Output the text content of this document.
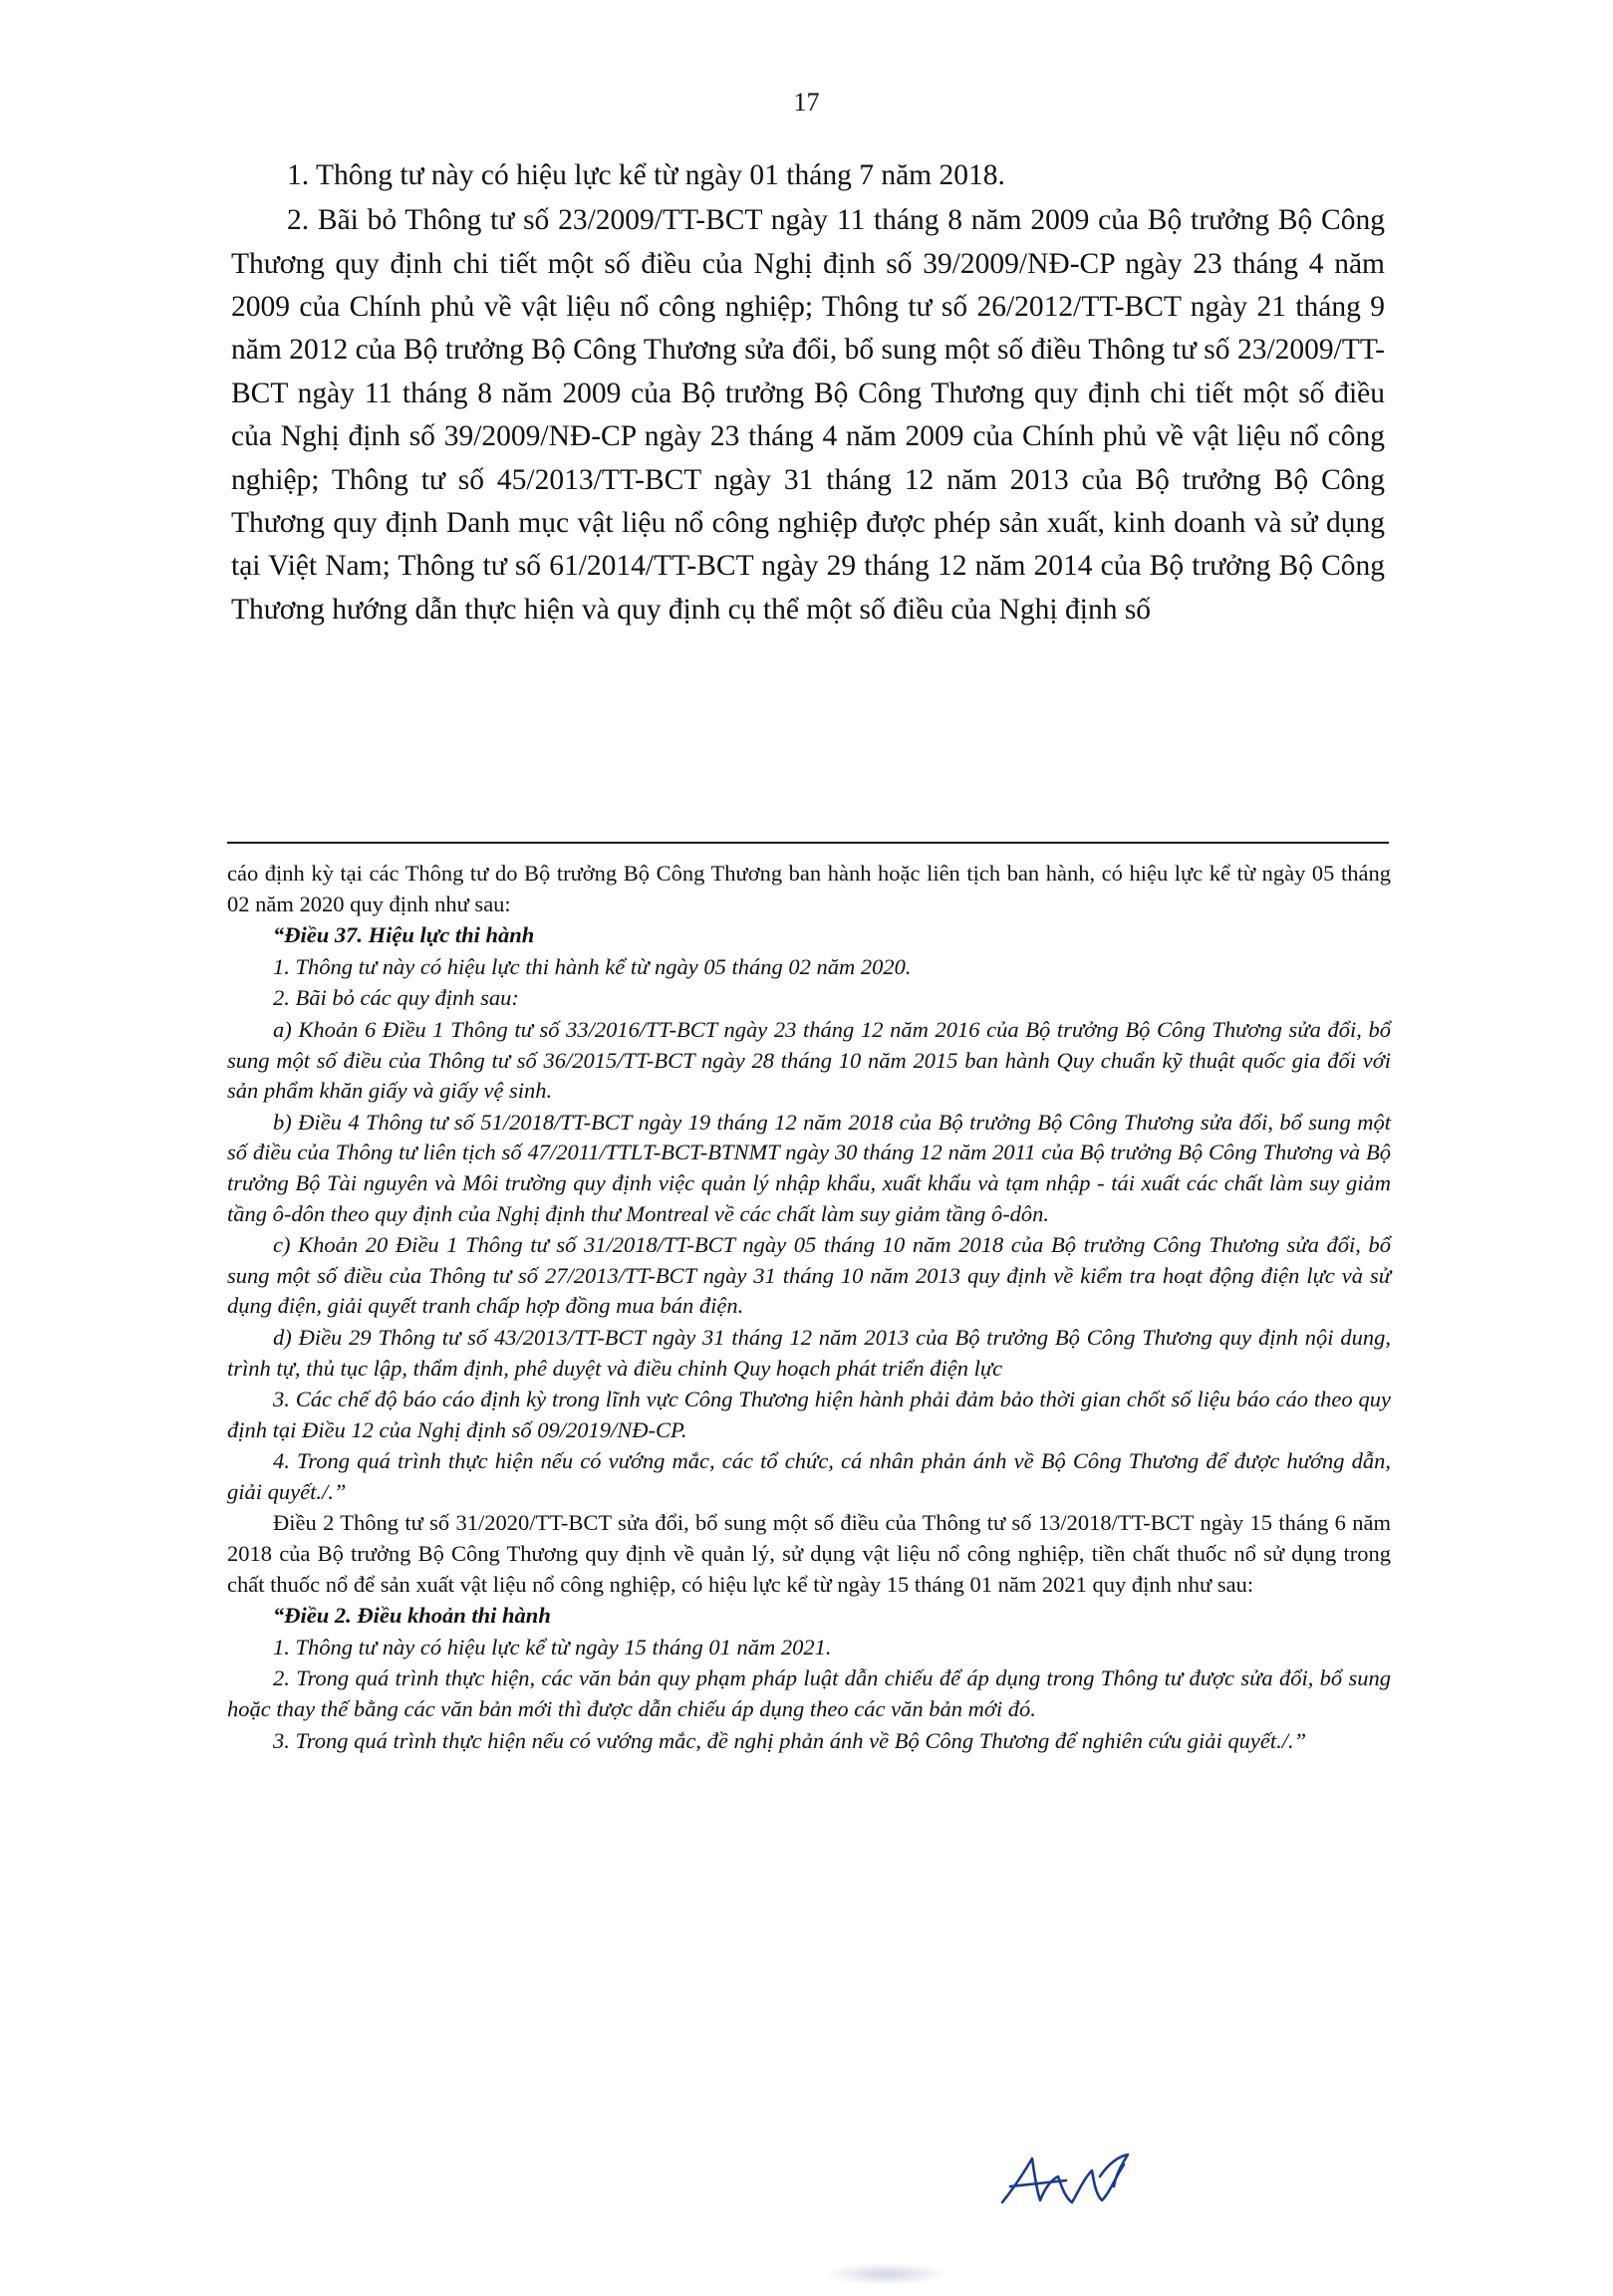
17

1. Thông tư này có hiệu lực kể từ ngày 01 tháng 7 năm 2018.

2. Bãi bỏ Thông tư số 23/2009/TT-BCT ngày 11 tháng 8 năm 2009 của Bộ trưởng Bộ Công Thương quy định chi tiết một số điều của Nghị định số 39/2009/NĐ-CP ngày 23 tháng 4 năm 2009 của Chính phủ về vật liệu nổ công nghiệp; Thông tư số 26/2012/TT-BCT ngày 21 tháng 9 năm 2012 của Bộ trưởng Bộ Công Thương sửa đổi, bổ sung một số điều Thông tư số 23/2009/TT-BCT ngày 11 tháng 8 năm 2009 của Bộ trưởng Bộ Công Thương quy định chi tiết một số điều của Nghị định số 39/2009/NĐ-CP ngày 23 tháng 4 năm 2009 của Chính phủ về vật liệu nổ công nghiệp; Thông tư số 45/2013/TT-BCT ngày 31 tháng 12 năm 2013 của Bộ trưởng Bộ Công Thương quy định Danh mục vật liệu nổ công nghiệp được phép sản xuất, kinh doanh và sử dụng tại Việt Nam; Thông tư số 61/2014/TT-BCT ngày 29 tháng 12 năm 2014 của Bộ trưởng Bộ Công Thương hướng dẫn thực hiện và quy định cụ thể một số điều của Nghị định số

cáo định kỳ tại các Thông tư do Bộ trưởng Bộ Công Thương ban hành hoặc liên tịch ban hành, có hiệu lực kể từ ngày 05 tháng 02 năm 2020 quy định như sau:

“Điều 37. Hiệu lực thi hành

1. Thông tư này có hiệu lực thi hành kể từ ngày 05 tháng 02 năm 2020.

2. Bãi bỏ các quy định sau:

a) Khoản 6 Điều 1 Thông tư số 33/2016/TT-BCT ngày 23 tháng 12 năm 2016 của Bộ trưởng Bộ Công Thương sửa đổi, bổ sung một số điều của Thông tư số 36/2015/TT-BCT ngày 28 tháng 10 năm 2015 ban hành Quy chuẩn kỹ thuật quốc gia đối với sản phẩm khăn giấy và giấy vệ sinh.

b) Điều 4 Thông tư số 51/2018/TT-BCT ngày 19 tháng 12 năm 2018 của Bộ trưởng Bộ Công Thương sửa đổi, bổ sung một số điều của Thông tư liên tịch số 47/2011/TTLT-BCT-BTNMT ngày 30 tháng 12 năm 2011 của Bộ trưởng Bộ Công Thương và Bộ trưởng Bộ Tài nguyên và Môi trường quy định việc quản lý nhập khẩu, xuất khẩu và tạm nhập - tái xuất các chất làm suy giảm tầng ô-dôn theo quy định của Nghị định thư Montreal về các chất làm suy giảm tầng ô-dôn.

c) Khoản 20 Điều 1 Thông tư số 31/2018/TT-BCT ngày 05 tháng 10 năm 2018 của Bộ trưởng Công Thương sửa đổi, bổ sung một số điều của Thông tư số 27/2013/TT-BCT ngày 31 tháng 10 năm 2013 quy định về kiểm tra hoạt động điện lực và sử dụng điện, giải quyết tranh chấp hợp đồng mua bán điện.

d) Điều 29 Thông tư số 43/2013/TT-BCT ngày 31 tháng 12 năm 2013 của Bộ trưởng Bộ Công Thương quy định nội dung, trình tự, thủ tục lập, thẩm định, phê duyệt và điều chỉnh Quy hoạch phát triển điện lực

3. Các chế độ báo cáo định kỳ trong lĩnh vực Công Thương hiện hành phải đảm bảo thời gian chốt số liệu báo cáo theo quy định tại Điều 12 của Nghị định số 09/2019/NĐ-CP.

4. Trong quá trình thực hiện nếu có vướng mắc, các tổ chức, cá nhân phản ánh về Bộ Công Thương để được hướng dẫn, giải quyết./.”

Điều 2 Thông tư số 31/2020/TT-BCT sửa đổi, bổ sung một số điều của Thông tư số 13/2018/TT-BCT ngày 15 tháng 6 năm 2018 của Bộ trưởng Bộ Công Thương quy định về quản lý, sử dụng vật liệu nổ công nghiệp, tiền chất thuốc nổ sử dụng trong chất thuốc nổ để sản xuất vật liệu nổ công nghiệp, có hiệu lực kể từ ngày 15 tháng 01 năm 2021 quy định như sau:

“Điều 2. Điều khoản thi hành

1. Thông tư này có hiệu lực kể từ ngày 15 tháng 01 năm 2021.

2. Trong quá trình thực hiện, các văn bản quy phạm pháp luật dẫn chiếu để áp dụng trong Thông tư được sửa đổi, bổ sung hoặc thay thế bằng các văn bản mới thì được dẫn chiếu áp dụng theo các văn bản mới đó.

3. Trong quá trình thực hiện nếu có vướng mắc, đề nghị phản ánh về Bộ Công Thương để nghiên cứu giải quyết./.”
